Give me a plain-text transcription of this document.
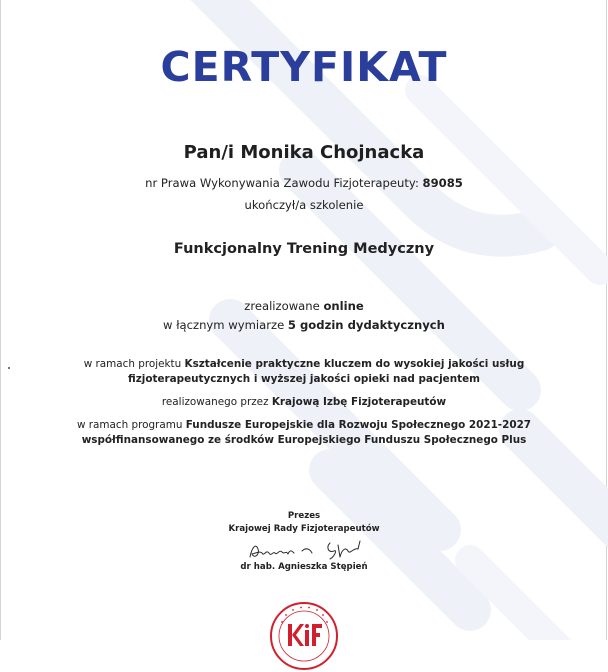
CERTYFIKAT
Pan/i Monika Chojnacka
nr Prawa Wykonywania Zawodu Fizjoterapeuty: 89085
ukończył/a szkolenie
Funkcjonalny Trening Medyczny
zrealizowane online
w łącznym wymiarze 5 godzin dydaktycznych
w ramach projektu Kształcenie praktyczne kluczem do wysokiej jakości usług
fizjoterapeutycznych i wyższej jakości opieki nad pacjentem
realizowanego przez Krajową Izbę Fizjoterapeutów
w ramach programu Fundusze Europejskie dla Rozwoju Społecznego 2021-2027
współfinansowanego ze środków Europejskiego Funduszu Społecznego Plus
Prezes
Krajowej Rady Fizjoterapeutów
dr hab. Agnieszka Stępień
